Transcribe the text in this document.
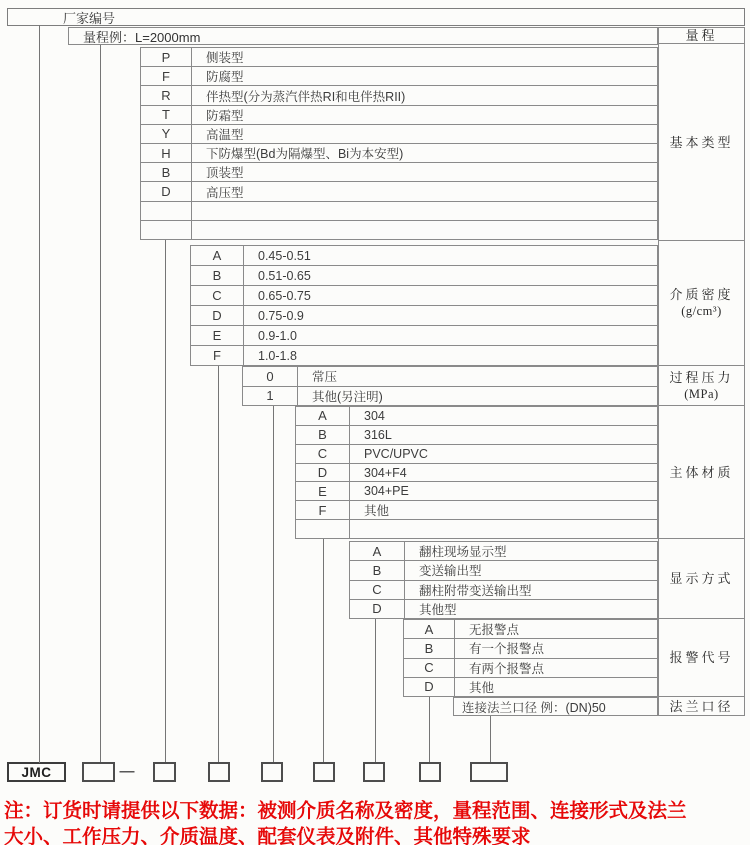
厂家编号
量程例：L=2000mm
JMC	—
注：订货时请提供以下数据：被测介质名称及密度，量程范围、连接形式及法兰
大小、工作压力、介质温度、配套仪表及附件、其他特殊要求
P	侧装型
F	防腐型
R	伴热型(分为蒸汽伴热RI和电伴热RII)
T	防霜型
Y	高温型
H	下防爆型(Bd为隔爆型、Bi为本安型)
B	顶装型
D	高压型
A	0.45-0.51
B	0.51-0.65
C	0.65-0.75
D	0.75-0.9
E	0.9-1.0
F	1.0-1.8
0	常压
1	其他(另注明)
A	304
B	316L
C	PVC/UPVC
D	304+F4
E	304+PE
F	其他
A	翻柱现场显示型
B	变送输出型
C	翻柱附带变送输出型
D	其他型
A	无报警点
B	有一个报警点
C	有两个报警点
D	其他
连接法兰口径 例：(DN)50
量程
基本类型
介质密度
(g/cm³)
过程压力
(MPa)
主体材质
显示方式
报警代号
法兰口径
